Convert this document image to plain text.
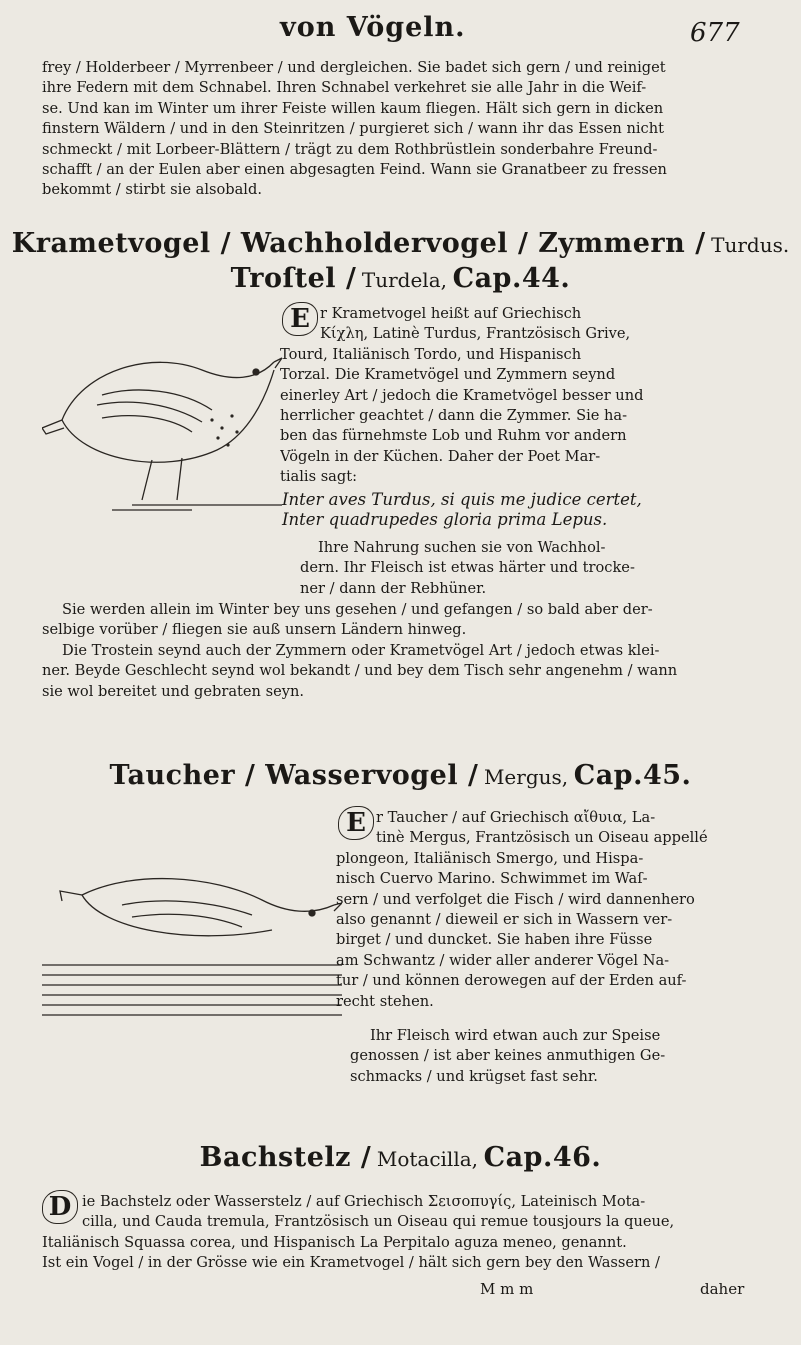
von Vögeln.	677
frey / Holderbeer / Myrrenbeer / und dergleichen. Sie badet sich gern / und reiniget
ihre Federn mit dem Schnabel. Ihren Schnabel verkehret sie alle Jahr in die Weif-
se. Und kan im Winter um ihrer Feiste willen kaum fliegen. Hält sich gern in dicken
finstern Wäldern / und in den Steinritzen / purgieret sich / wann ihr das Essen nicht
schmeckt / mit Lorbeer-Blättern / trägt zu dem Rothbrüstlein sonderbahre Freund-
schafft / an der Eulen aber einen abgesagten Feind. Wann sie Granatbeer zu fressen
bekommt / stirbt sie alsobald.
Krametvogel / Wachholdervogel / Zymmern / Turdus.
Troſtel / Turdela, Cap.44.
E r Krametvogel heißt auf Griechisch
Κίχλη, Latinè Turdus, Frantzösisch Grive,
Tourd, Italiänisch Tordo, und Hispanisch
Torzal. Die Krametvögel und Zymmern seynd
einerley Art / jedoch die Krametvögel besser und
herrlicher geachtet / dann die Zymmer. Sie ha-
ben das fürnehmste Lob und Ruhm vor andern
Vögeln in der Küchen. Daher der Poet Mar-
tialis sagt:
Inter aves Turdus, si quis me judice certet,
Inter quadrupedes gloria prima Lepus.
Ihre Nahrung suchen sie von Wachhol-
dern. Ihr Fleisch ist etwas härter und trocke-
ner / dann der Rebhüner.
Sie werden allein im Winter bey uns gesehen / und gefangen / so bald aber der-
selbige vorüber / fliegen sie auß unsern Ländern hinweg.
Die Trostein seynd auch der Zymmern oder Krametvögel Art / jedoch etwas klei-
ner. Beyde Geschlecht seynd wol bekandt / und bey dem Tisch sehr angenehm / wann
sie wol bereitet und gebraten seyn.
Taucher / Wasservogel / Mergus, Cap.45.
E r Taucher / auf Griechisch αἴθυια, La-
tinè Mergus, Frantzösisch un Oiseau appellé
plongeon, Italiänisch Smergo, und Hispa-
nisch Cuervo Marino. Schwimmet im Waſ-
sern / und verfolget die Fisch / wird dannenhero
also genannt / dieweil er sich in Wassern ver-
birget / und duncket. Sie haben ihre Füsse
am Schwantz / wider aller anderer Vögel Na-
tur / und können derowegen auf der Erden auf-
recht stehen.
Ihr Fleisch wird etwan auch zur Speise
genossen / ist aber keines anmuthigen Ge-
schmacks / und krügset fast sehr.
Bachstelz / Motacilla, Cap.46.
D ie Bachstelz oder Wasserstelz / auf Griechisch Σεισοπυγίς, Lateinisch Mota-
cilla, und Cauda tremula, Frantzösisch un Oiseau qui remue tousjours la queue,
Italiänisch Squassa corea, und Hispanisch La Perpitalo aguza meneo, genannt.
Ist ein Vogel / in der Grösse wie ein Krametvogel / hält sich gern bey den Wassern /
M m m	daher
